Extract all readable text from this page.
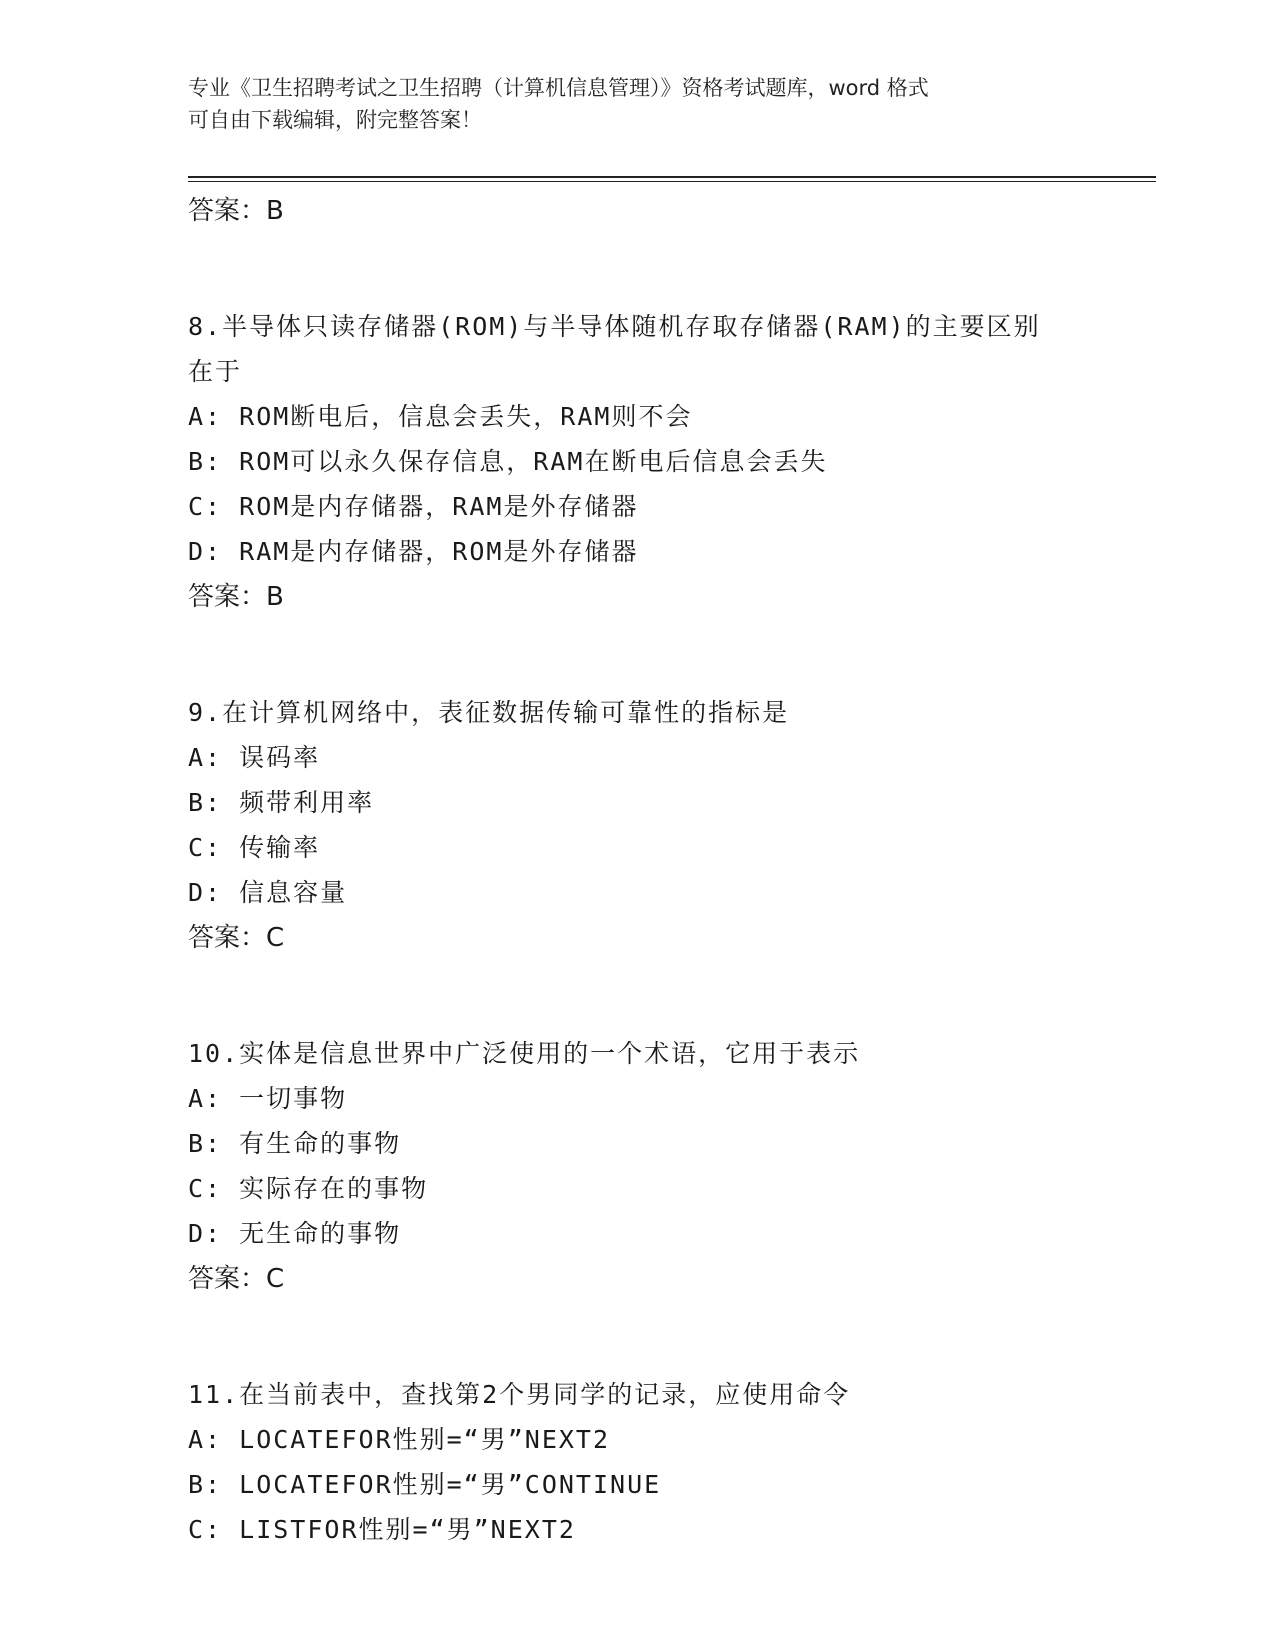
专业《卫生招聘考试之卫生招聘（计算机信息管理）》资格考试题库，word 格式
可自由下载编辑，附完整答案！
答案：B
8.半导体只读存储器(ROM)与半导体随机存取存储器(RAM)的主要区别
在于
A: ROM断电后，信息会丢失，RAM则不会
B: ROM可以永久保存信息，RAM在断电后信息会丢失
C: ROM是内存储器，RAM是外存储器
D: RAM是内存储器，ROM是外存储器
答案：B
9.在计算机网络中，表征数据传输可靠性的指标是
A: 误码率
B: 频带利用率
C: 传输率
D: 信息容量
答案：C
10.实体是信息世界中广泛使用的一个术语，它用于表示
A: 一切事物
B: 有生命的事物
C: 实际存在的事物
D: 无生命的事物
答案：C
11.在当前表中，查找第2个男同学的记录，应使用命令
A: LOCATEFOR性别=“男”NEXT2
B: LOCATEFOR性别=“男”CONTINUE
C: LISTFOR性别=“男”NEXT2
